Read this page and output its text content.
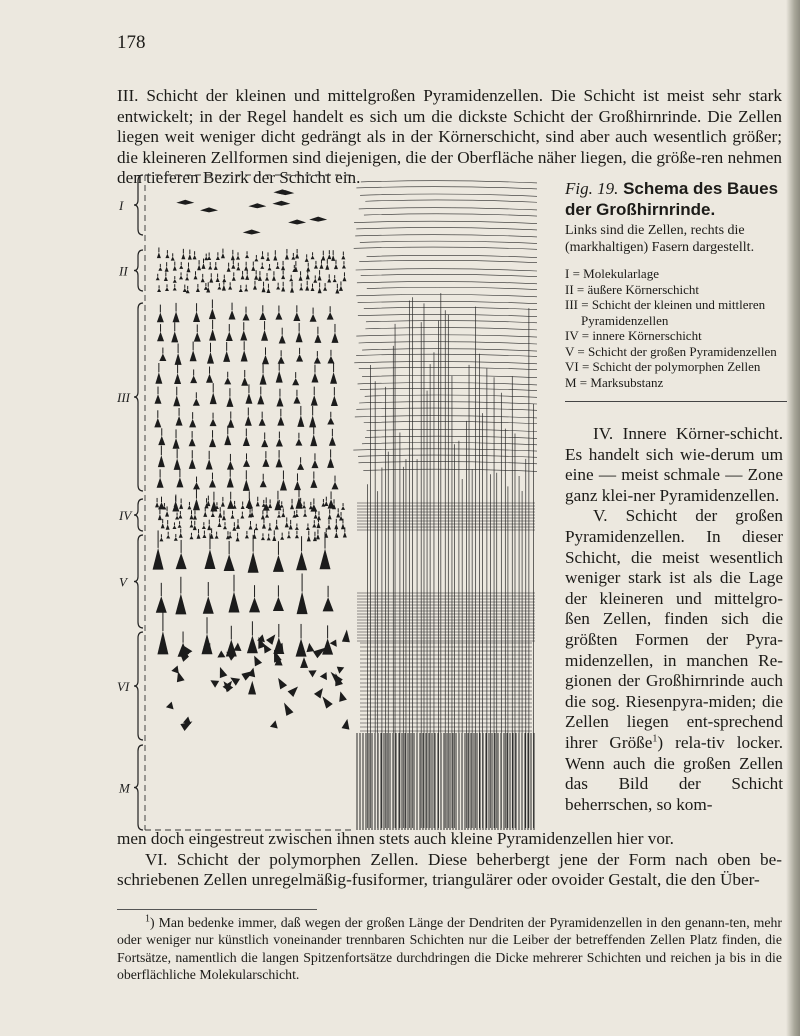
178

III. Schicht der kleinen und mittelgroßen Pyramidenzellen. Die Schicht ist meist sehr stark entwickelt; in der Regel handelt es sich um die dickste Schicht der Großhirnrinde. Die Zellen liegen weit weniger dicht gedrängt als in der Körnerschicht, sind aber auch wesentlich größer; die kleineren Zellformen sind diejenigen, die der Oberfläche näher liegen, die größe-ren nehmen den tieferen Bezirk der Schicht ein.

I
II
III
IV
V
VI
M

Fig. 19. Schema des Baues der Großhirnrinde.

Links sind die Zellen, rechts die (markhaltigen) Fasern dargestellt.

I = Molekularlage
II = äußere Körnerschicht
III = Schicht der kleinen und mittleren Pyramidenzellen
IV = innere Körnerschicht
V = Schicht der großen Pyramidenzellen
VI = Schicht der polymorphen Zellen
M = Marksubstanz

IV. Innere Körner-schicht. Es handelt sich wie-derum um eine — meist schmale — Zone ganz klei-ner Pyramidenzellen.

V. Schicht der großen Pyramidenzellen. In dieser Schicht, die meist wesentlich weniger stark ist als die Lage der kleineren und mittelgro-ßen Zellen, finden sich die größten Formen der Pyra-midenzellen, in manchen Re-gionen der Großhirnrinde auch die sog. Riesenpyra-miden; die Zellen liegen ent-sprechend ihrer Größe$^1$) rela-tiv locker. Wenn auch die großen Zellen das Bild der Schicht beherrschen, so kom-

men doch eingestreut zwischen ihnen stets auch kleine Pyramidenzellen hier vor.

VI. Schicht der polymorphen Zellen. Diese beherbergt jene der Form nach oben be-schriebenen Zellen unregelmäßig-fusiformer, triangulärer oder ovoider Gestalt, die den Über-

$^1$) Man bedenke immer, daß wegen der großen Länge der Dendriten der Pyramidenzellen in den genann-ten, mehr oder weniger nur künstlich voneinander trennbaren Schichten nur die Leiber der betreffenden Zellen Platz finden, die Fortsätze, namentlich die langen Spitzenfortsätze durchdringen die Dicke mehrerer Schichten und reichen ja bis in die oberflächliche Molekularschicht.
